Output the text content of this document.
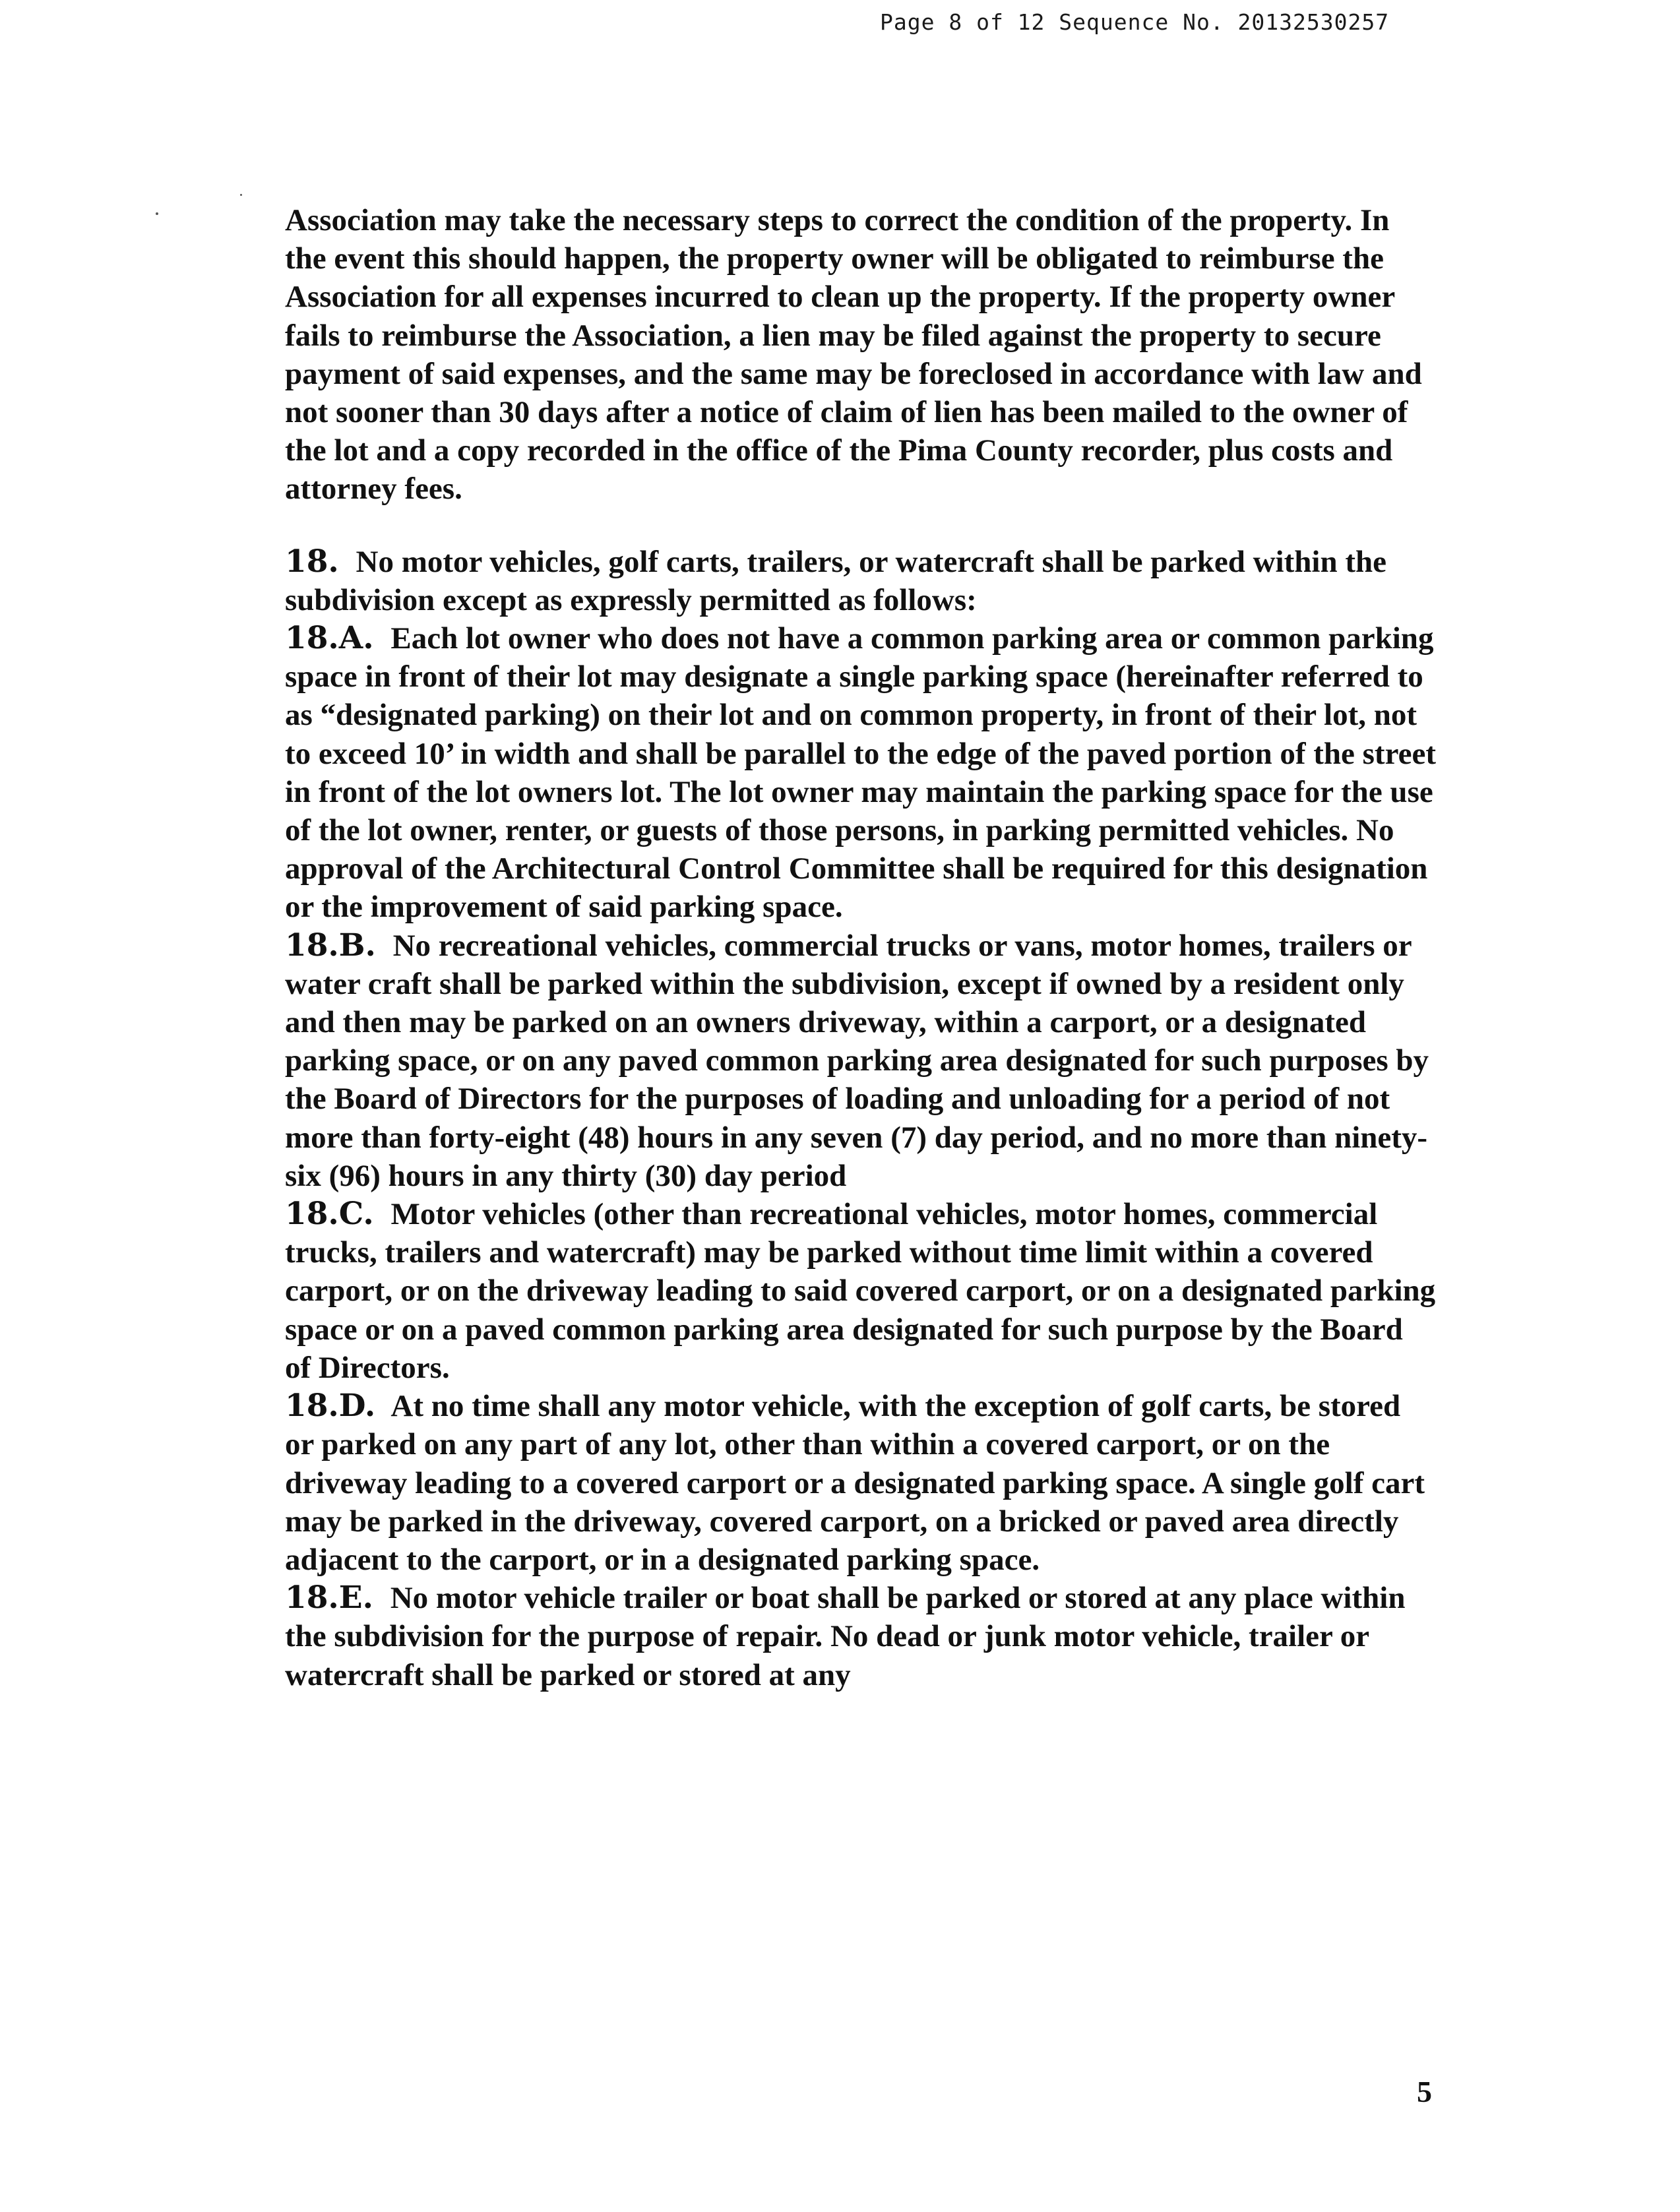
Page 8 of 12 Sequence No. 20132530257

Association may take the necessary steps to correct the condition of the property. In the event this should happen, the property owner will be obligated to reimburse the Association for all expenses incurred to clean up the property. If the property owner fails to reimburse the Association, a lien may be filed against the property to secure payment of said expenses, and the same may be foreclosed in accordance with law and not sooner than 30 days after a notice of claim of lien has been mailed to the owner of the lot and a copy recorded in the office of the Pima County recorder, plus costs and attorney fees.

18. No motor vehicles, golf carts, trailers, or watercraft shall be parked within the subdivision except as expressly permitted as follows:

18.A. Each lot owner who does not have a common parking area or common parking space in front of their lot may designate a single parking space (hereinafter referred to as “designated parking) on their lot and on common property, in front of their lot, not to exceed 10’ in width and shall be parallel to the edge of the paved portion of the street in front of the lot owners lot. The lot owner may maintain the parking space for the use of the lot owner, renter, or guests of those persons, in parking permitted vehicles. No approval of the Architectural Control Committee shall be required for this designation or the improvement of said parking space.

18.B. No recreational vehicles, commercial trucks or vans, motor homes, trailers or water craft shall be parked within the subdivision, except if owned by a resident only and then may be parked on an owners driveway, within a carport, or a designated parking space, or on any paved common parking area designated for such purposes by the Board of Directors for the purposes of loading and unloading for a period of not more than forty-eight (48) hours in any seven (7) day period, and no more than ninety-six (96) hours in any thirty (30) day period

18.C. Motor vehicles (other than recreational vehicles, motor homes, commercial trucks, trailers and watercraft) may be parked without time limit within a covered carport, or on the driveway leading to said covered carport, or on a designated parking space or on a paved common parking area designated for such purpose by the Board of Directors.

18.D. At no time shall any motor vehicle, with the exception of golf carts, be stored or parked on any part of any lot, other than within a covered carport, or on the driveway leading to a covered carport or a designated parking space. A single golf cart may be parked in the driveway, covered carport, on a bricked or paved area directly adjacent to the carport, or in a designated parking space.

18.E. No motor vehicle trailer or boat shall be parked or stored at any place within the subdivision for the purpose of repair. No dead or junk motor vehicle, trailer or watercraft shall be parked or stored at any

5
